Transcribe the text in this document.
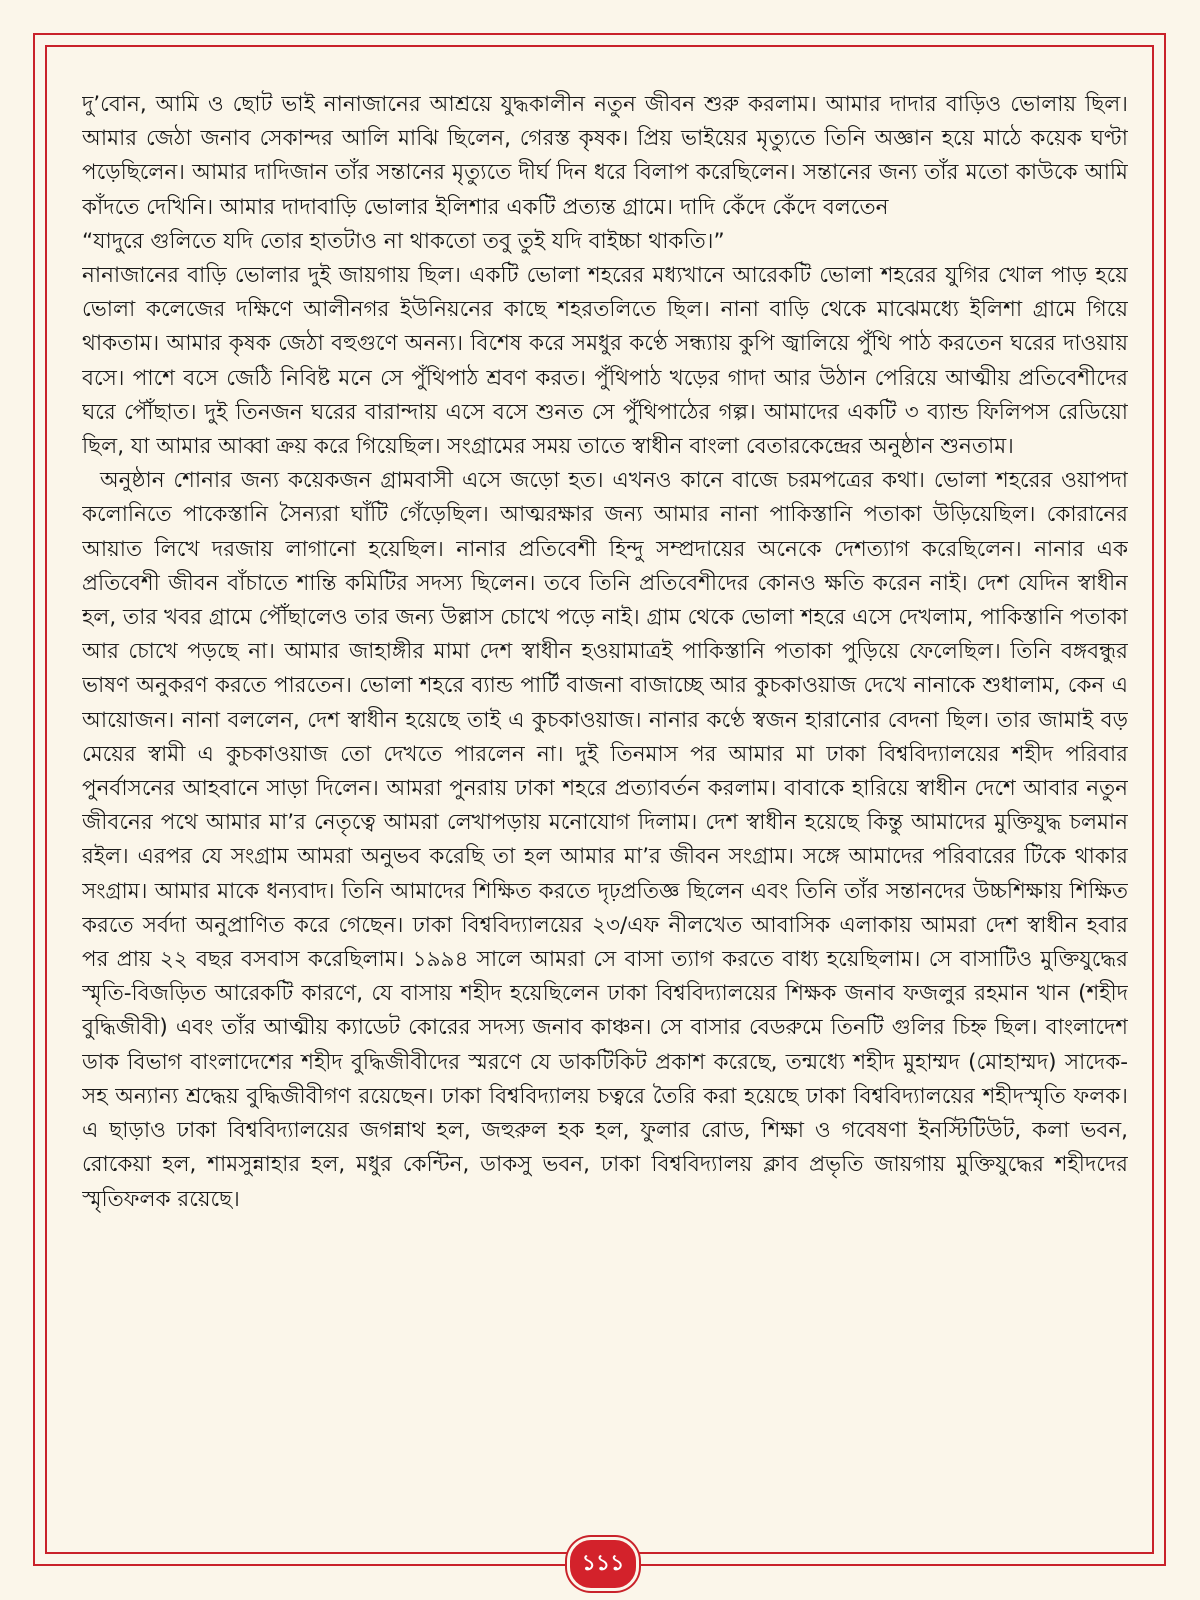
দু’বোন, আমি ও ছোট ভাই নানাজানের আশ্রয়ে যুদ্ধকালীন নতুন জীবন শুরু করলাম। আমার দাদার বাড়িও ভোলায় ছিল। আমার জেঠা জনাব সেকান্দর আলি মাঝি ছিলেন, গেরস্ত কৃষক। প্রিয় ভাইয়ের মৃত্যুতে তিনি অজ্ঞান হয়ে মাঠে কয়েক ঘণ্টা পড়েছিলেন। আমার দাদিজান তাঁর সন্তানের মৃত্যুতে দীর্ঘ দিন ধরে বিলাপ করেছিলেন। সন্তানের জন্য তাঁর মতো কাউকে আমি কাঁদতে দেখিনি। আমার দাদাবাড়ি ভোলার ইলিশার একটি প্রত্যন্ত গ্রামে। দাদি কেঁদে কেঁদে বলতেন

“যাদুরে গুলিতে যদি তোর হাতটাও না থাকতো তবু তুই যদি বাইচ্চা থাকতি।”

নানাজানের বাড়ি ভোলার দুই জায়গায় ছিল। একটি ভোলা শহরের মধ্যখানে আরেকটি ভোলা শহরের যুগির খোল পাড় হয়ে ভোলা কলেজের দক্ষিণে আলীনগর ইউনিয়নের কাছে শহরতলিতে ছিল। নানা বাড়ি থেকে মাঝেমধ্যে ইলিশা গ্রামে গিয়ে থাকতাম। আমার কৃষক জেঠা বহুগুণে অনন্য। বিশেষ করে সমধুর কণ্ঠে সন্ধ্যায় কুপি জ্বালিয়ে পুঁথি পাঠ করতেন ঘরের দাওয়ায় বসে। পাশে বসে জেঠি নিবিষ্ট মনে সে পুঁথিপাঠ শ্রবণ করত। পুঁথিপাঠ খড়ের গাদা আর উঠান পেরিয়ে আত্মীয় প্রতিবেশীদের ঘরে পৌঁছাত। দুই তিনজন ঘরের বারান্দায় এসে বসে শুনত সে পুঁথিপাঠের গল্প। আমাদের একটি ৩ ব্যান্ড ফিলিপস রেডিয়ো ছিল, যা আমার আব্বা ক্রয় করে গিয়েছিল। সংগ্রামের সময় তাতে স্বাধীন বাংলা বেতারকেন্দ্রের অনুষ্ঠান শুনতাম।

অনুষ্ঠান শোনার জন্য কয়েকজন গ্রামবাসী এসে জড়ো হত। এখনও কানে বাজে চরমপত্রের কথা। ভোলা শহরের ওয়াপদা কলোনিতে পাকেস্তানি সৈন্যরা ঘাঁটি গেঁড়েছিল। আত্মরক্ষার জন্য আমার নানা পাকিস্তানি পতাকা উড়িয়েছিল। কোরানের আয়াত লিখে দরজায় লাগানো হয়েছিল। নানার প্রতিবেশী হিন্দু সম্প্রদায়ের অনেকে দেশত্যাগ করেছিলেন। নানার এক প্রতিবেশী জীবন বাঁচাতে শান্তি কমিটির সদস্য ছিলেন। তবে তিনি প্রতিবেশীদের কোনও ক্ষতি করেন নাই। দেশ যেদিন স্বাধীন হল, তার খবর গ্রামে পৌঁছালেও তার জন্য উল্লাস চোখে পড়ে নাই। গ্রাম থেকে ভোলা শহরে এসে দেখলাম, পাকিস্তানি পতাকা আর চোখে পড়ছে না। আমার জাহাঙ্গীর মামা দেশ স্বাধীন হওয়ামাত্রই পাকিস্তানি পতাকা পুড়িয়ে ফেলেছিল। তিনি বঙ্গবন্ধুর ভাষণ অনুকরণ করতে পারতেন। ভোলা শহরে ব্যান্ড পার্টি বাজনা বাজাচ্ছে আর কুচকাওয়াজ দেখে নানাকে শুধালাম, কেন এ আয়োজন। নানা বললেন, দেশ স্বাধীন হয়েছে তাই এ কুচকাওয়াজ। নানার কণ্ঠে স্বজন হারানোর বেদনা ছিল। তার জামাই বড় মেয়ের স্বামী এ কুচকাওয়াজ তো দেখতে পারলেন না। দুই তিনমাস পর আমার মা ঢাকা বিশ্ববিদ্যালয়ের শহীদ পরিবার পুনর্বাসনের আহবানে সাড়া দিলেন। আমরা পুনরায় ঢাকা শহরে প্রত্যাবর্তন করলাম। বাবাকে হারিয়ে স্বাধীন দেশে আবার নতুন জীবনের পথে আমার মা’র নেতৃত্বে আমরা লেখাপড়ায় মনোযোগ দিলাম। দেশ স্বাধীন হয়েছে কিন্তু আমাদের মুক্তিযুদ্ধ চলমান রইল। এরপর যে সংগ্রাম আমরা অনুভব করেছি তা হল আমার মা’র জীবন সংগ্রাম। সঙ্গে আমাদের পরিবারের টিকে থাকার সংগ্রাম। আমার মাকে ধন্যবাদ। তিনি আমাদের শিক্ষিত করতে দৃঢ়প্রতিজ্ঞ ছিলেন এবং তিনি তাঁর সন্তানদের উচ্চশিক্ষায় শিক্ষিত করতে সর্বদা অনুপ্রাণিত করে গেছেন। ঢাকা বিশ্ববিদ্যালয়ের ২৩/এফ নীলখেত আবাসিক এলাকায় আমরা দেশ স্বাধীন হবার পর প্রায় ২২ বছর বসবাস করেছিলাম। ১৯৯৪ সালে আমরা সে বাসা ত্যাগ করতে বাধ্য হয়েছিলাম। সে বাসাটিও মুক্তিযুদ্ধের স্মৃতি-বিজড়িত আরেকটি কারণে, যে বাসায় শহীদ হয়েছিলেন ঢাকা বিশ্ববিদ্যালয়ের শিক্ষক জনাব ফজলুর রহমান খান (শহীদ বুদ্ধিজীবী) এবং তাঁর আত্মীয় ক্যাডেট কোরের সদস্য জনাব কাঞ্চন। সে বাসার বেডরুমে তিনটি গুলির চিহ্ন ছিল। বাংলাদেশ ডাক বিভাগ বাংলাদেশের শহীদ বুদ্ধিজীবীদের স্মরণে যে ডাকটিকিট প্রকাশ করেছে, তন্মধ্যে শহীদ মুহাম্মদ (মোহাম্মদ) সাদেক-সহ অন্যান্য শ্রদ্ধেয় বুদ্ধিজীবীগণ রয়েছেন। ঢাকা বিশ্ববিদ্যালয় চত্বরে তৈরি করা হয়েছে ঢাকা বিশ্ববিদ্যালয়ের শহীদস্মৃতি ফলক। এ ছাড়াও ঢাকা বিশ্ববিদ্যালয়ের জগন্নাথ হল, জহুরুল হক হল, ফুলার রোড, শিক্ষা ও গবেষণা ইনস্টিটিউট, কলা ভবন, রোকেয়া হল, শামসুন্নাহার হল, মধুর কেন্টিন, ডাকসু ভবন, ঢাকা বিশ্ববিদ্যালয় ক্লাব প্রভৃতি জায়গায় মুক্তিযুদ্ধের শহীদদের স্মৃতিফলক রয়েছে।

১১১
